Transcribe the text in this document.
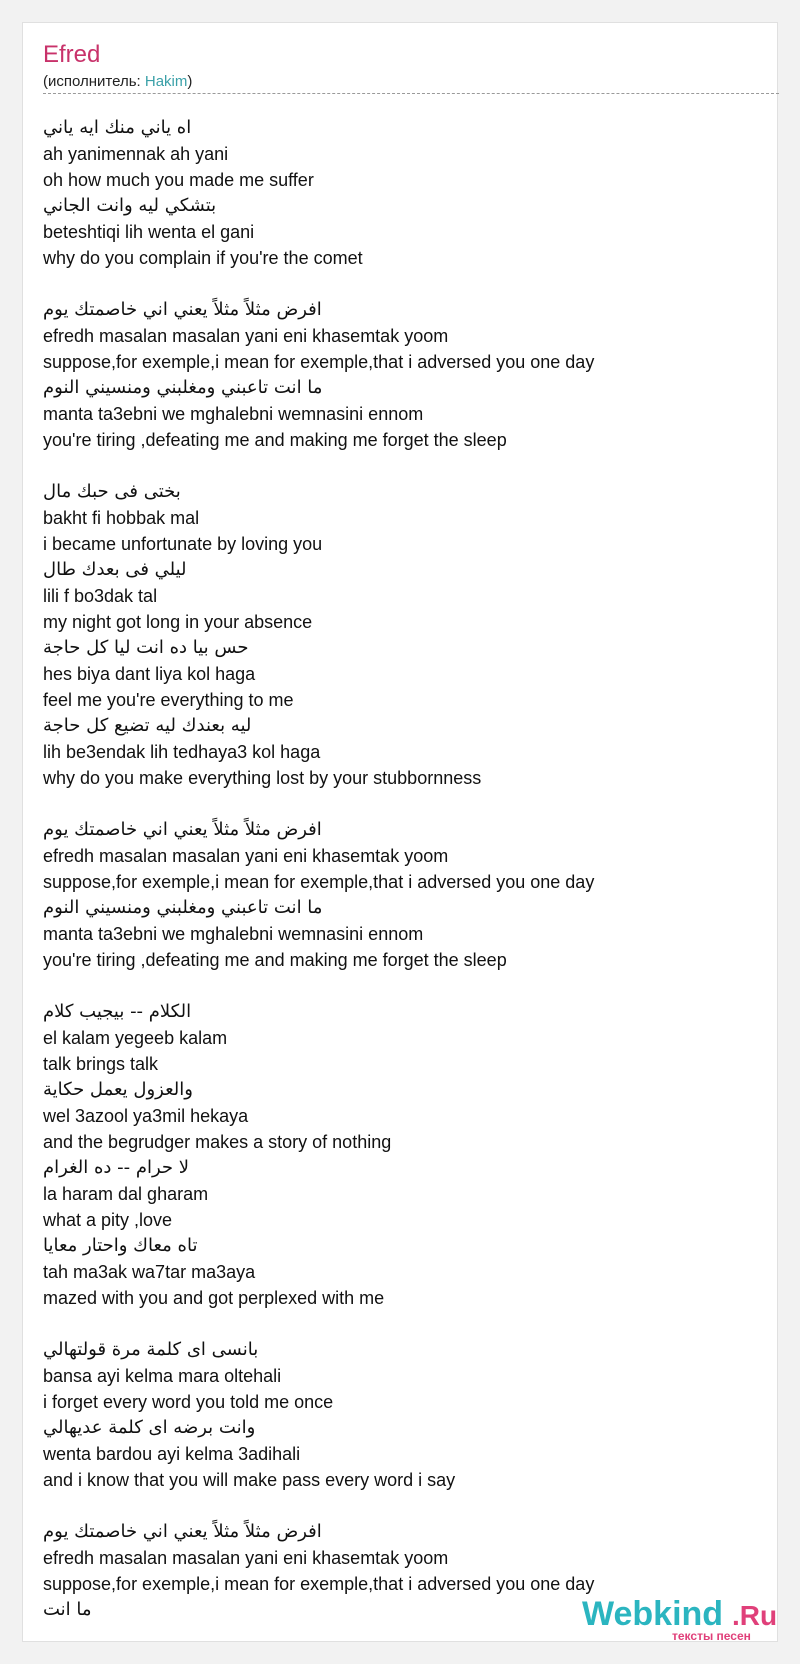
Efred
(исполнитель: Hakim)
اه ياني منك ايه ياني
ah yanimennak ah yani
oh how much you made me suffer
بتشكي ليه وانت الجاني
beteshtiqi lih wenta el gani
why do you complain if you're the comet
افرض مثلاً مثلاً يعني اني خاصمتك يوم
efredh masalan masalan yani eni khasemtak yoom
suppose,for exemple,i mean for exemple,that i adversed you one day
ما انت تاعبني ومغلبني ومنسيني النوم
manta ta3ebni we mghalebni wemnasini ennom
you're tiring ,defeating me and making me forget the sleep
بختى فى حبك مال
bakht fi hobbak mal
i became unfortunate by loving you
ليلي فى بعدك طال
lili f bo3dak tal
my night got long in your absence
حس بيا ده انت ليا كل حاجة
hes biya dant liya kol haga
feel me you're everything to me
ليه بعندك ليه تضيع كل حاجة
lih be3endak lih tedhaya3 kol haga
why do you make everything lost by your stubbornness
افرض مثلاً مثلاً يعني اني خاصمتك يوم
efredh masalan masalan yani eni khasemtak yoom
suppose,for exemple,i mean for exemple,that i adversed you one day
ما انت تاعبني ومغلبني ومنسيني النوم
manta ta3ebni we mghalebni wemnasini ennom
you're tiring ,defeating me and making me forget the sleep
الكلام -- بيجيب كلام
el kalam yegeeb kalam
talk brings talk
والعزول يعمل حكاية
wel 3azool ya3mil hekaya
and the begrudger makes a story of nothing
لا حرام -- ده الغرام
la haram dal gharam
what a pity ,love
تاه معاك واحتار معايا
tah ma3ak wa7tar ma3aya
mazed with you and got perplexed with me
بانسى اى كلمة مرة قولتهالي
bansa ayi kelma mara oltehali
i forget every word you told me once
وانت برضه اى كلمة عديهالي
wenta bardou ayi kelma 3adihali
and i know that you will make pass every word i say
افرض مثلاً مثلاً يعني اني خاصمتك يوم
efredh masalan masalan yani eni khasemtak yoom
suppose,for exemple,i mean for exemple,that i adversed you one day
ما انت	Webkind .Ru
тексты песен
